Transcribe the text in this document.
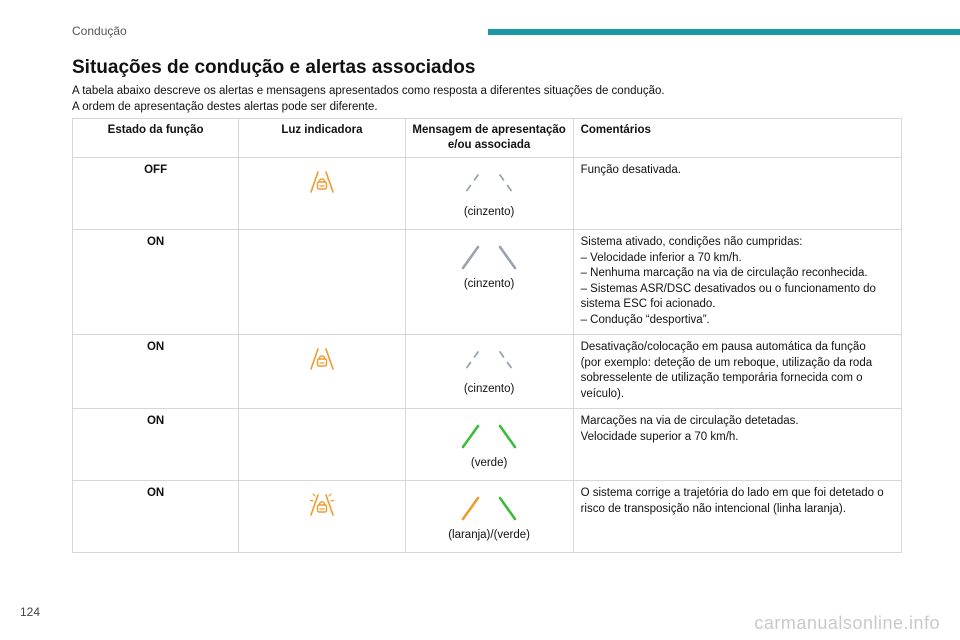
Condução
Situações de condução e alertas associados

A tabela abaixo descreve os alertas e mensagens apresentados como resposta a diferentes situações de condução.

A ordem de apresentação destes alertas pode ser diferente.

Estado da função	Luz indicadora	Mensagem de apresentação e/ou associada	Comentários
OFF		(cinzento)	Função desativada.

ON		(cinzento)	Sistema ativado, condições não cumpridas:
– Velocidade inferior a 70 km/h.
– Nenhuma marcação na via de circulação reconhecida.
– Sistemas ASR/DSC desativados ou o funcionamento do sistema ESC foi acionado.
– Condução “desportiva”.

ON		(cinzento)	Desativação/colocação em pausa automática da função
(por exemplo: deteção de um reboque, utilização da roda sobresselente de utilização temporária fornecida com o veículo).

ON		(verde)	Marcações na via de circulação detetadas.
Velocidade superior a 70 km/h.

ON		(laranja)/(verde)	O sistema corrige a trajetória do lado em que foi detetado o risco de transposição não intencional (linha laranja).
124
carmanualsonline.info
